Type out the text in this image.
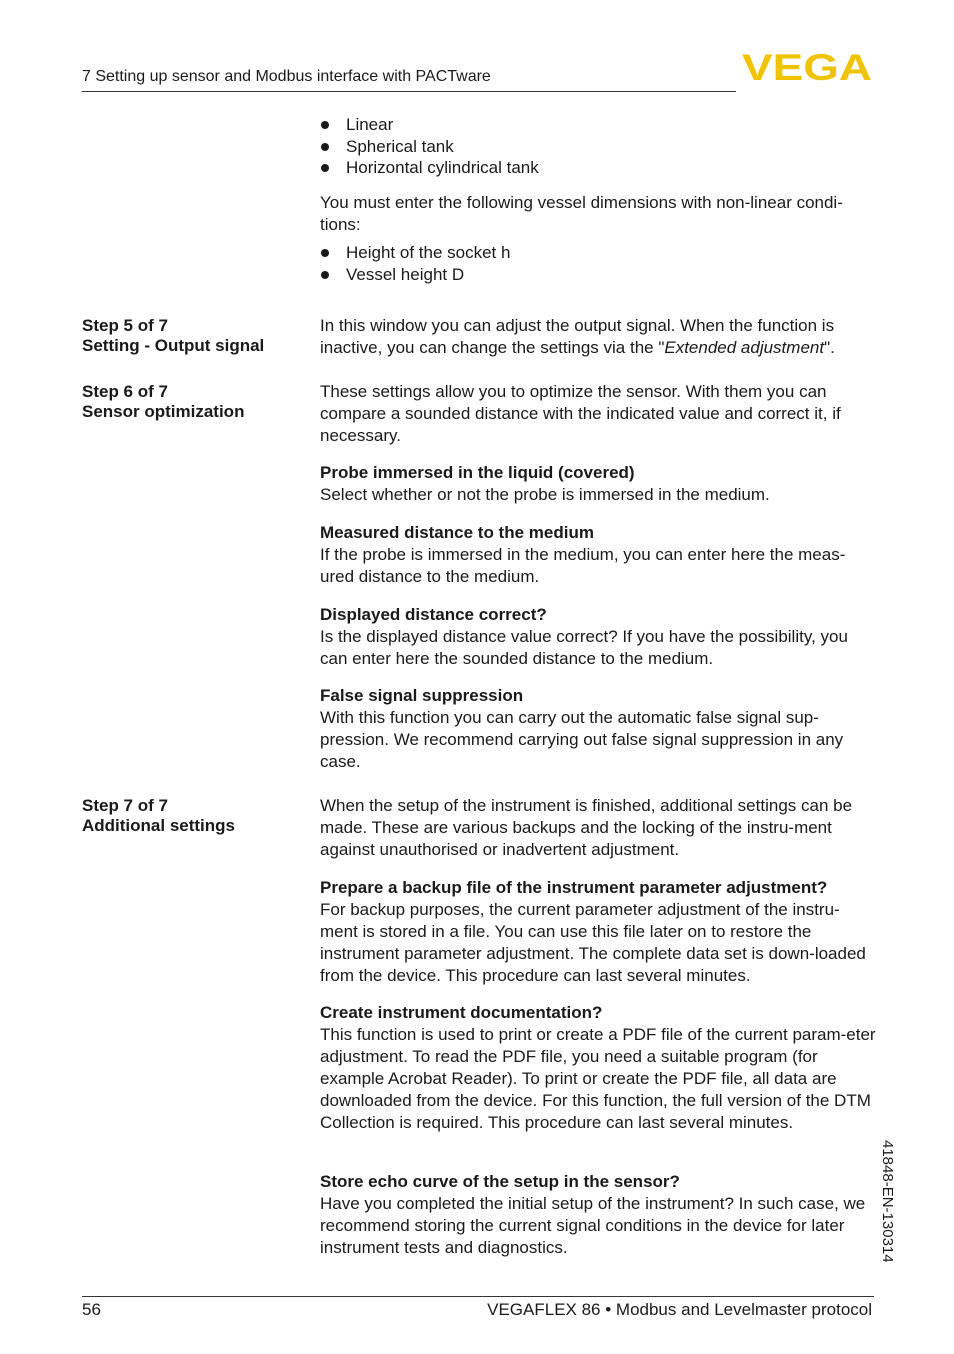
7 Setting up sensor and Modbus interface with PACTware	VEGA
Linear
Spherical tank
Horizontal cylindrical tank

You must enter the following vessel dimensions with non-linear condi-tions:

Height of the socket h
Vessel height D
Step 5 of 7
Setting - Output signal

In this window you can adjust the output signal. When the function is inactive, you can change the settings via the "Extended adjustment".

Step 6 of 7
Sensor optimization

These settings allow you to optimize the sensor. With them you can compare a sounded distance with the indicated value and correct it, if necessary.

Probe immersed in the liquid (covered)

Select whether or not the probe is immersed in the medium.

Measured distance to the medium

If the probe is immersed in the medium, you can enter here the meas-ured distance to the medium.

Displayed distance correct?

Is the displayed distance value correct? If you have the possibility, you can enter here the sounded distance to the medium.

False signal suppression

With this function you can carry out the automatic false signal sup-pression. We recommend carrying out false signal suppression in any case.

Step 7 of 7
Additional settings

When the setup of the instrument is finished, additional settings can be made. These are various backups and the locking of the instru-ment against unauthorised or inadvertent adjustment.

Prepare a backup file of the instrument parameter adjustment?

For backup purposes, the current parameter adjustment of the instru-ment is stored in a file. You can use this file later on to restore the instrument parameter adjustment. The complete data set is down-loaded from the device. This procedure can last several minutes.

Create instrument documentation?

This function is used to print or create a PDF file of the current param-eter adjustment. To read the PDF file, you need a suitable program (for example Acrobat Reader). To print or create the PDF file, all data are downloaded from the device. For this function, the full version of the DTM Collection is required. This procedure can last several minutes.

Store echo curve of the setup in the sensor?

Have you completed the initial setup of the instrument? In such case, we recommend storing the current signal conditions in the device for later instrument tests and diagnostics.	41848-EN-130314
56	VEGAFLEX 86 • Modbus and Levelmaster protocol
